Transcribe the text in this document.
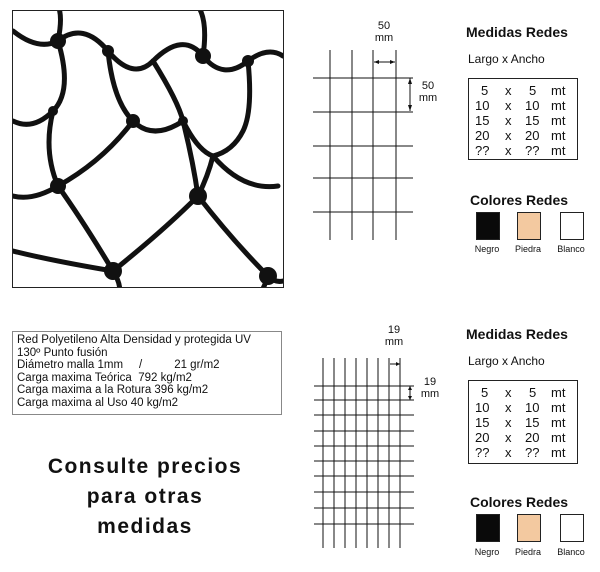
50
mm
50
mm
Medidas Redes
Largo x Ancho
5 x 5 mt
10 x 10 mt
15 x 15 mt
20 x 20 mt
?? x ?? mt
Colores Redes
Negro	Piedra	Blanco
Red Polyetileno Alta Densidad y protegida UV
130º Punto fusión
Diámetro malla 1mm     /          21 gr/m2
Carga maxima Teórica  792 kg/m2
Carga maxima a la Rotura 396 kg/m2
Carga maxima al Uso 40 kg/m2
Consulte precios
para otras
medidas
19
mm
19
mm
Medidas Redes
Largo x Ancho
5 x 5 mt
10 x 10 mt
15 x 15 mt
20 x 20 mt
?? x ?? mt
Colores Redes
Negro	Piedra	Blanco
